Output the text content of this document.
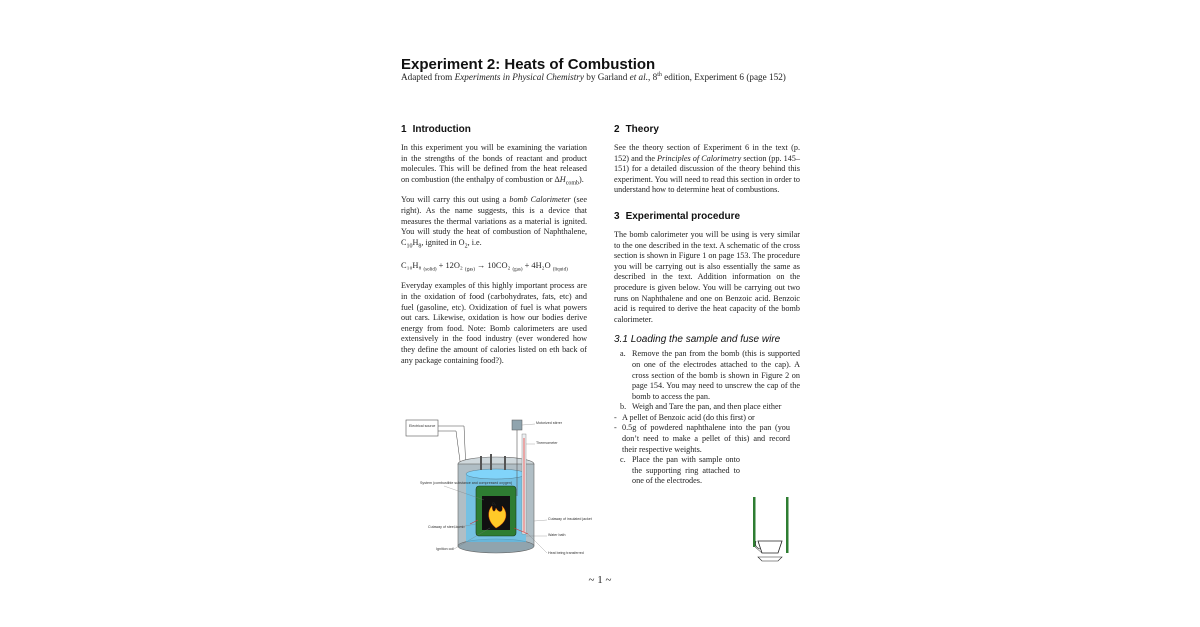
Experiment 2: Heats of Combustion
Adapted from Experiments in Physical Chemistry by Garland et al., 8th edition, Experiment 6 (page 152)
1 Introduction

In this experiment you will be examining the variation in the strengths of the bonds of reactant and product molecules. This will be defined from the heat released on combustion (the enthalpy of combustion or $\Delta H_{comb}$).

You will carry this out using a bomb Calorimeter (see right). As the name suggests, this is a device that measures the thermal variations as a material is ignited. You will study the heat of combustion of Naphthalene, $C_{10}H_8$, ignited in $O_2$, i.e.

C₁₀H₈ $_{(solid)}$ + 12O₂ $_{(gas)}$ → 10CO₂ $_{(gas)}$ + 4H₂O $_{(liquid)}$

Everyday examples of this highly important process are in the oxidation of food (carbohydrates, fats, etc) and fuel (gasoline, etc). Oxidization of fuel is what powers out cars. Likewise, oxidation is how our bodies derive energy from food. Note: Bomb calorimeters are used extensively in the food industry (ever wondered how they define the amount of calories listed on eth back of any package containing food?).

Electrical source
O₂
Motorized stirrer
Thermometer
Cutaway of insulated jacket
Water bath
Heat being transferred
System (combustible substance and compressed oxygen)
Cutaway of steel bomb
Ignition coil
2 Theory

See the theory section of Experiment 6 in the text (p. 152) and the Principles of Calorimetry section (pp. 145–151) for a detailed discussion of the theory behind this experiment. You will need to read this section in order to understand how to determine heat of combustions.

3 Experimental procedure

The bomb calorimeter you will be using is very similar to the one described in the text. A schematic of the cross section is shown in Figure 1 on page 153. The procedure you will be carrying out is also essentially the same as described in the text. Addition information on the procedure is given below. You will be carrying out two runs on Naphthalene and one on Benzoic acid. Benzoic acid is required to derive the heat capacity of the bomb calorimeter.

3.1 Loading the sample and fuse wire
a. Remove the pan from the bomb (this is supported on one of the electrodes attached to the cap). A cross section of the bomb is shown in Figure 2 on page 154. You may need to unscrew the cap of the bomb to access the pan.
b. Weigh and Tare the pan, and then place either
- A pellet of Benzoic acid (do this first) or
- 0.5g of powdered naphthalene into the pan (you don’t need to make a pellet of this) and record their respective weights.
c. Place the pan with sample onto the supporting ring attached to one of the electrodes.
~ 1 ~
